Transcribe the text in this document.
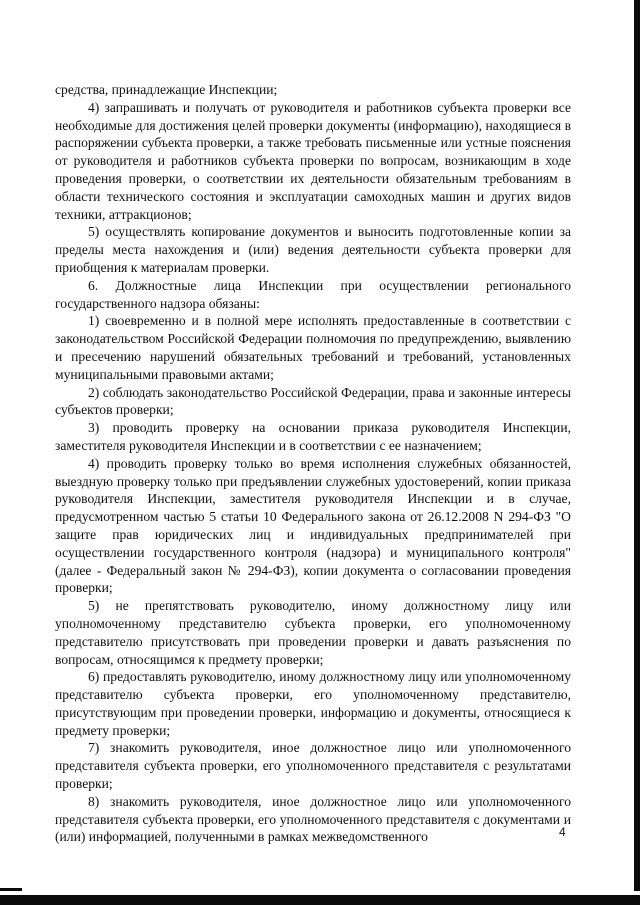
средства, принадлежащие Инспекции;

4) запрашивать и получать от руководителя и работников субъекта проверки все необходимые для достижения целей проверки документы (информацию), находящиеся в распоряжении субъекта проверки, а также требовать письменные или устные пояснения от руководителя и работников субъекта проверки по вопросам, возникающим в ходе проведения проверки, о соответствии их деятельности обязательным требованиям в области технического состояния и эксплуатации самоходных машин и других видов техники, аттракционов;

5) осуществлять копирование документов и выносить подготовленные копии за пределы места нахождения и (или) ведения деятельности субъекта проверки для приобщения к материалам проверки.

6. Должностные лица Инспекции при осуществлении регионального государственного надзора обязаны:

1) своевременно и в полной мере исполнять предоставленные в соответствии с законодательством Российской Федерации полномочия по предупреждению, выявлению и пресечению нарушений обязательных требований и требований, установленных муниципальными правовыми актами;

2) соблюдать законодательство Российской Федерации, права и законные интересы субъектов проверки;

3) проводить проверку на основании приказа руководителя Инспекции, заместителя руководителя Инспекции и в соответствии с ее назначением;

4) проводить проверку только во время исполнения служебных обязанностей, выездную проверку только при предъявлении служебных удостоверений, копии приказа руководителя Инспекции, заместителя руководителя Инспекции и в случае, предусмотренном частью 5 статьи 10 Федерального закона от 26.12.2008 N 294-ФЗ "О защите прав юридических лиц и индивидуальных предпринимателей при осуществлении государственного контроля (надзора) и муниципального контроля" (далее - Федеральный закон № 294-ФЗ), копии документа о согласовании проведения проверки;

5) не препятствовать руководителю, иному должностному лицу или уполномоченному представителю субъекта проверки, его уполномоченному представителю присутствовать при проведении проверки и давать разъяснения по вопросам, относящимся к предмету проверки;

6) предоставлять руководителю, иному должностному лицу или уполномоченному представителю субъекта проверки, его уполномоченному представителю, присутствующим при проведении проверки, информацию и документы, относящиеся к предмету проверки;

7) знакомить руководителя, иное должностное лицо или уполномоченного представителя субъекта проверки, его уполномоченного представителя с результатами проверки;

8) знакомить руководителя, иное должностное лицо или уполномоченного представителя субъекта проверки, его уполномоченного представителя с документами и (или) информацией, полученными в рамках межведомственного	4
